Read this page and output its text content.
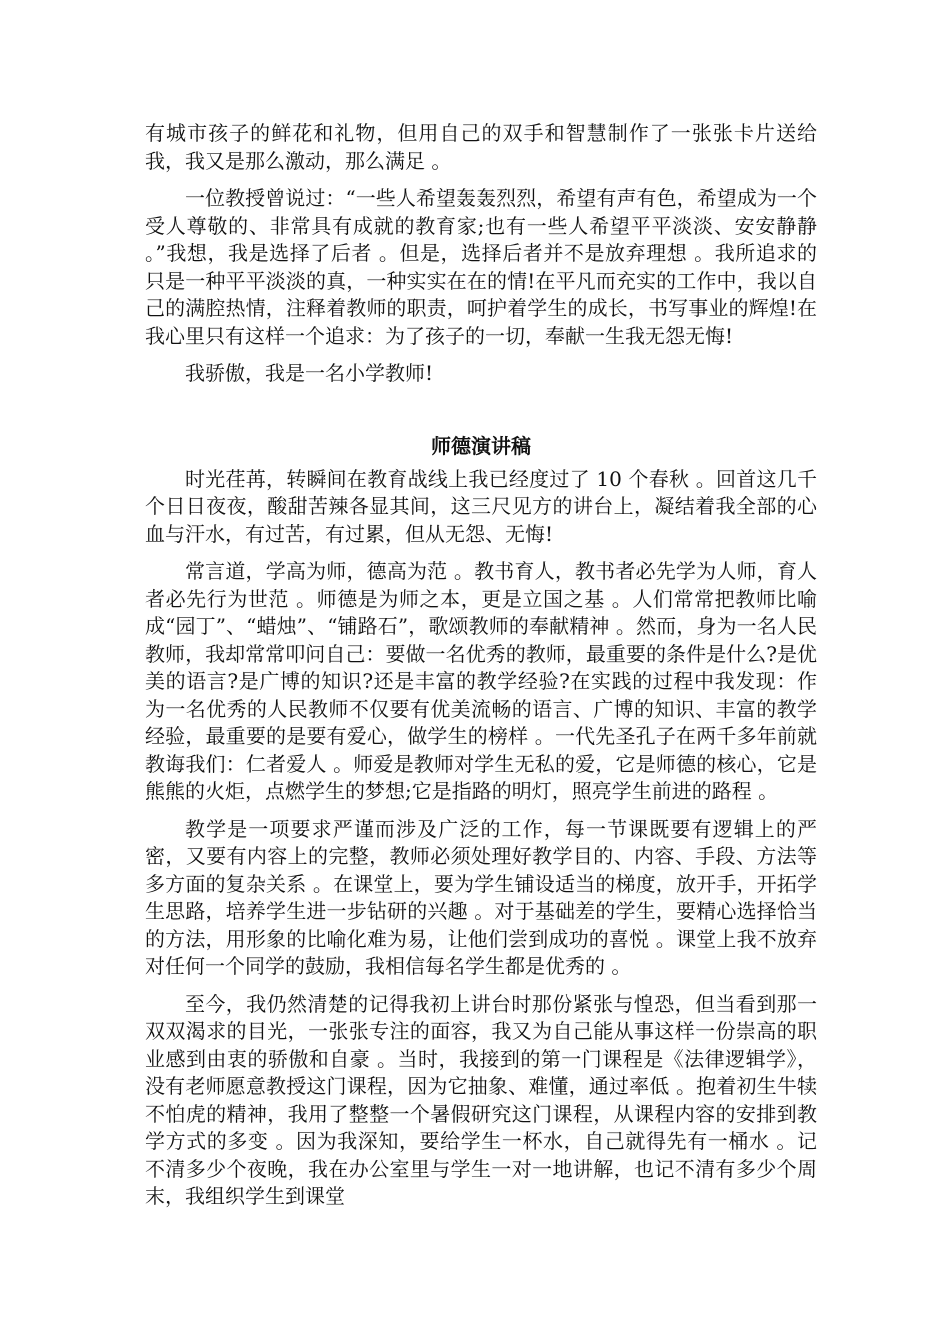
有城市孩子的鲜花和礼物，但用自己的双手和智慧制作了一张张卡片送给我，我又是那么激动，那么满足 。

一位教授曾说过：“一些人希望轰轰烈烈，希望有声有色，希望成为一个受人尊敬的、非常具有成就的教育家;也有一些人希望平平淡淡、安安静静 。”我想，我是选择了后者 。但是，选择后者并不是放弃理想 。我所追求的只是一种平平淡淡的真，一种实实在在的情!在平凡而充实的工作中，我以自己的满腔热情，注释着教师的职责，呵护着学生的成长，书写事业的辉煌!在我心里只有这样一个追求：为了孩子的一切，奉献一生我无怨无悔!

我骄傲，我是一名小学教师!

师德演讲稿

时光荏苒，转瞬间在教育战线上我已经度过了 10 个春秋 。回首这几千个日日夜夜，酸甜苦辣各显其间，这三尺见方的讲台上，凝结着我全部的心血与汗水，有过苦，有过累，但从无怨、无悔!

常言道，学高为师，德高为范 。教书育人，教书者必先学为人师，育人者必先行为世范 。师德是为师之本，更是立国之基 。人们常常把教师比喻成“园丁”、“蜡烛”、“铺路石”，歌颂教师的奉献精神 。然而，身为一名人民教师，我却常常叩问自己：要做一名优秀的教师，最重要的条件是什么?是优美的语言?是广博的知识?还是丰富的教学经验?在实践的过程中我发现：作为一名优秀的人民教师不仅要有优美流畅的语言、广博的知识、丰富的教学经验，最重要的是要有爱心，做学生的榜样 。一代先圣孔子在两千多年前就教诲我们：仁者爱人 。师爱是教师对学生无私的爱，它是师德的核心，它是熊熊的火炬，点燃学生的梦想;它是指路的明灯，照亮学生前进的路程 。

教学是一项要求严谨而涉及广泛的工作，每一节课既要有逻辑上的严密，又要有内容上的完整，教师必须处理好教学目的、内容、手段、方法等多方面的复杂关系 。在课堂上，要为学生铺设适当的梯度，放开手，开拓学生思路，培养学生进一步钻研的兴趣 。对于基础差的学生，要精心选择恰当的方法，用形象的比喻化难为易，让他们尝到成功的喜悦 。课堂上我不放弃对任何一个同学的鼓励，我相信每名学生都是优秀的 。

至今，我仍然清楚的记得我初上讲台时那份紧张与惶恐，但当看到那一双双渴求的目光，一张张专注的面容，我又为自己能从事这样一份崇高的职业感到由衷的骄傲和自豪 。当时，我接到的第一门课程是《法律逻辑学》，没有老师愿意教授这门课程，因为它抽象、难懂，通过率低 。抱着初生牛犊不怕虎的精神，我用了整整一个暑假研究这门课程，从课程内容的安排到教学方式的多变 。因为我深知，要给学生一杯水，自己就得先有一桶水 。记不清多少个夜晚，我在办公室里与学生一对一地讲解，也记不清有多少个周末，我组织学生到课堂
